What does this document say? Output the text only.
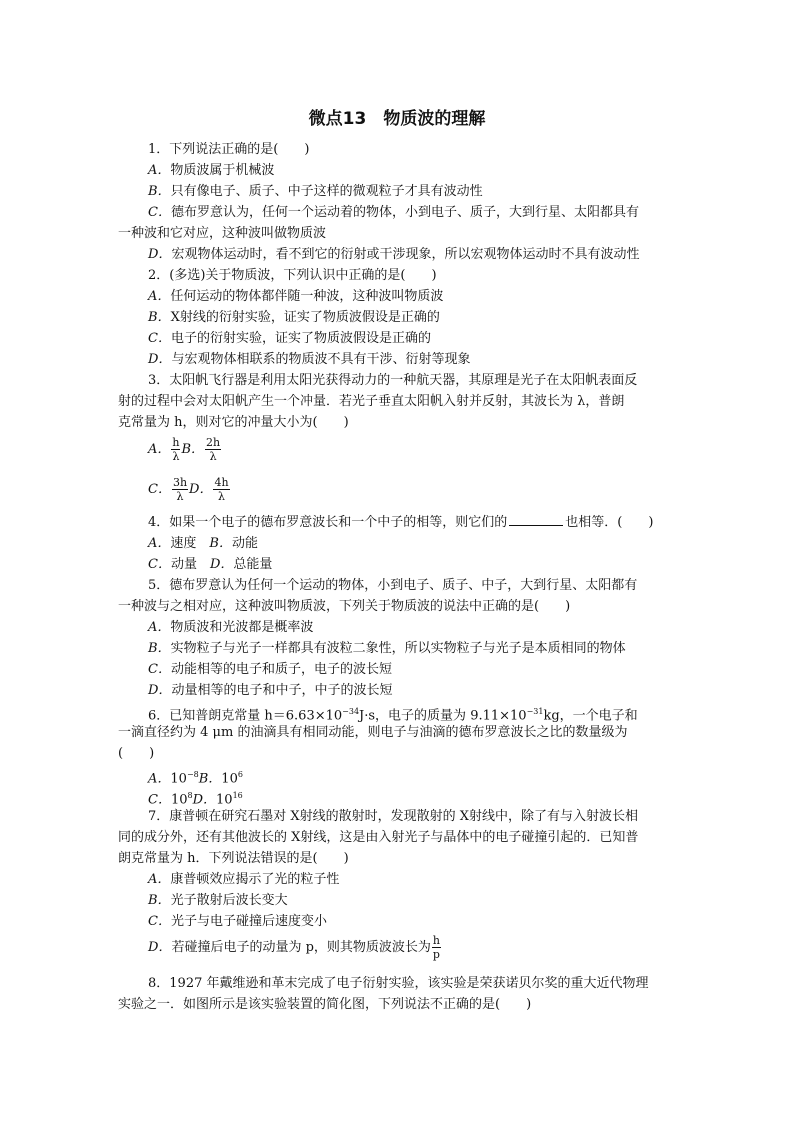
微点13　物质波的理解
1．下列说法正确的是(　　)
A．物质波属于机械波
B．只有像电子、质子、中子这样的微观粒子才具有波动性
C．德布罗意认为，任何一个运动着的物体，小到电子、质子，大到行星、太阳都具有
一种波和它对应，这种波叫做物质波
D．宏观物体运动时，看不到它的衍射或干涉现象，所以宏观物体运动时不具有波动性
2．(多选)关于物质波，下列认识中正确的是(　　)
A．任何运动的物体都伴随一种波，这种波叫物质波
B．X射线的衍射实验，证实了物质波假设是正确的
C．电子的衍射实验，证实了物质波假设是正确的
D．与宏观物体相联系的物质波不具有干涉、衍射等现象
3．太阳帆飞行器是利用太阳光获得动力的一种航天器，其原理是光子在太阳帆表面反
射的过程中会对太阳帆产生一个冲量．若光子垂直太阳帆入射并反射，其波长为 λ，普朗
克常量为 h，则对它的冲量大小为(　　)
A． $\frac{h}{\lambda}$ B． $\frac{2h}{\lambda}$
C． $\frac{3h}{\lambda}$ D． $\frac{4h}{\lambda}$
4．如果一个电子的德布罗意波长和一个中子的相等，则它们的	也相等．(　　)
A．速度　 B．动能
C．动量　 D．总能量
5．德布罗意认为任何一个运动的物体，小到电子、质子、中子，大到行星、太阳都有
一种波与之相对应，这种波叫物质波，下列关于物质波的说法中正确的是(　　)
A．物质波和光波都是概率波
B．实物粒子与光子一样都具有波粒二象性，所以实物粒子与光子是本质相同的物体
C．动能相等的电子和质子，电子的波长短
D．动量相等的电子和中子，中子的波长短
6．已知普朗克常量 $h=6.63\times 10^{-34}J\cdot s$，电子的质量为 $9.11\times 10^{-31}kg$，一个电子和
一滴直径约为 4 μm 的油滴具有相同动能，则电子与油滴的德布罗意波长之比的数量级为
(　　)
A．$10^{-8}B$．$10^6$
C．$10^8D$．$10^{16}$
7．康普顿在研究石墨对 X射线的散射时，发现散射的 X射线中，除了有与入射波长相
同的成分外，还有其他波长的 X射线，这是由入射光子与晶体中的电子碰撞引起的．已知普
朗克常量为 h．下列说法错误的是(　　)
A．康普顿效应揭示了光的粒子性
B．光子散射后波长变大
C．光子与电子碰撞后速度变小
D．若碰撞后电子的动量为 p，则其物质波波长为 $\frac{h}{p}$
8．1927 年戴维逊和革末完成了电子衍射实验，该实验是荣获诺贝尔奖的重大近代物理
实验之一．如图所示是该实验装置的简化图，下列说法不正确的是(　　)
